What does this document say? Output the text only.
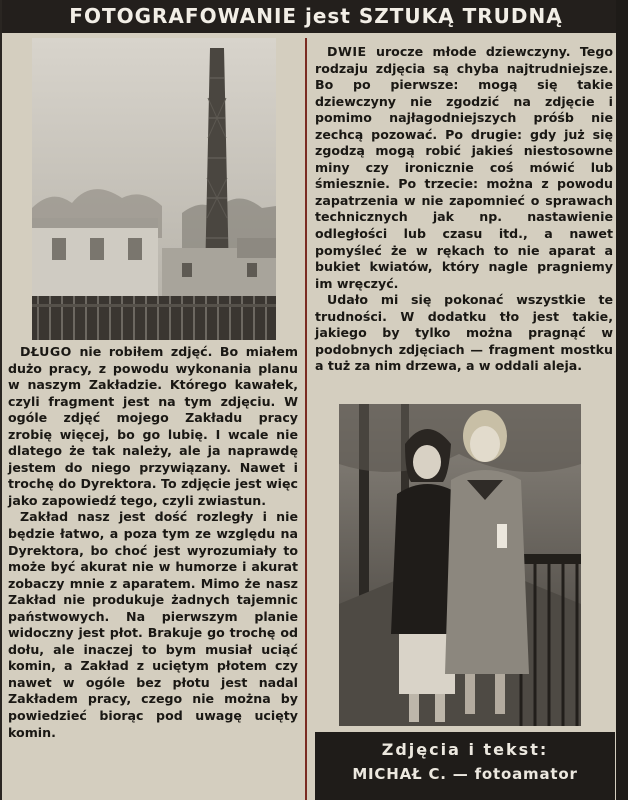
FOTOGRAFOWANIE jest SZTUKĄ TRUDNĄ

DŁUGO nie robiłem zdjęć. Bo miałem dużo pracy, z powodu wykonania planu w naszym Zakładzie. Którego kawałek, czyli fragment jest na tym zdjęciu. W ogóle zdjęć mojego Zakładu pracy zrobię więcej, bo go lubię. I wcale nie dlatego że tak należy, ale ja naprawdę jestem do niego przywiązany. Nawet i trochę do Dyrektora. To zdjęcie jest więc jako zapowiedź tego, czyli zwiastun.

Zakład nasz jest dość rozległy i nie będzie łatwo, a poza tym ze względu na Dyrektora, bo choć jest wyrozumiały to może być akurat nie w humorze i akurat zobaczy mnie z aparatem. Mimo że nasz Zakład nie produkuje żadnych tajemnic państwowych. Na pierwszym planie widoczny jest płot. Brakuje go trochę od dołu, ale inaczej to bym musiał uciąć komin, a Zakład z uciętym płotem czy nawet w ogóle bez płotu jest nadal Zakładem pracy, czego nie można by powiedzieć biorąc pod uwagę ucięty komin.

DWIE urocze młode dziewczyny. Tego rodzaju zdjęcia są chyba najtrudniejsze. Bo po pierwsze: mogą się takie dziewczyny nie zgodzić na zdjęcie i pomimo najłagodniejszych próśb nie zechcą pozować. Po drugie: gdy już się zgodzą mogą robić jakieś niestosowne miny czy ironicznie coś mówić lub śmiesznie. Po trzecie: można z powodu zapatrzenia w nie zapomnieć o sprawach technicznych jak np. nastawienie odległości lub czasu itd., a nawet pomyśleć że w rękach to nie aparat a bukiet kwiatów, który nagle pragniemy im wręczyć.

Udało mi się pokonać wszystkie te trudności. W dodatku tło jest takie, jakiego by tylko można pragnąć w podobnych zdjęciach — fragment mostku a tuż za nim drzewa, a w oddali aleja.

Zdjęcia i tekst:
MICHAŁ C. — fotoamator
